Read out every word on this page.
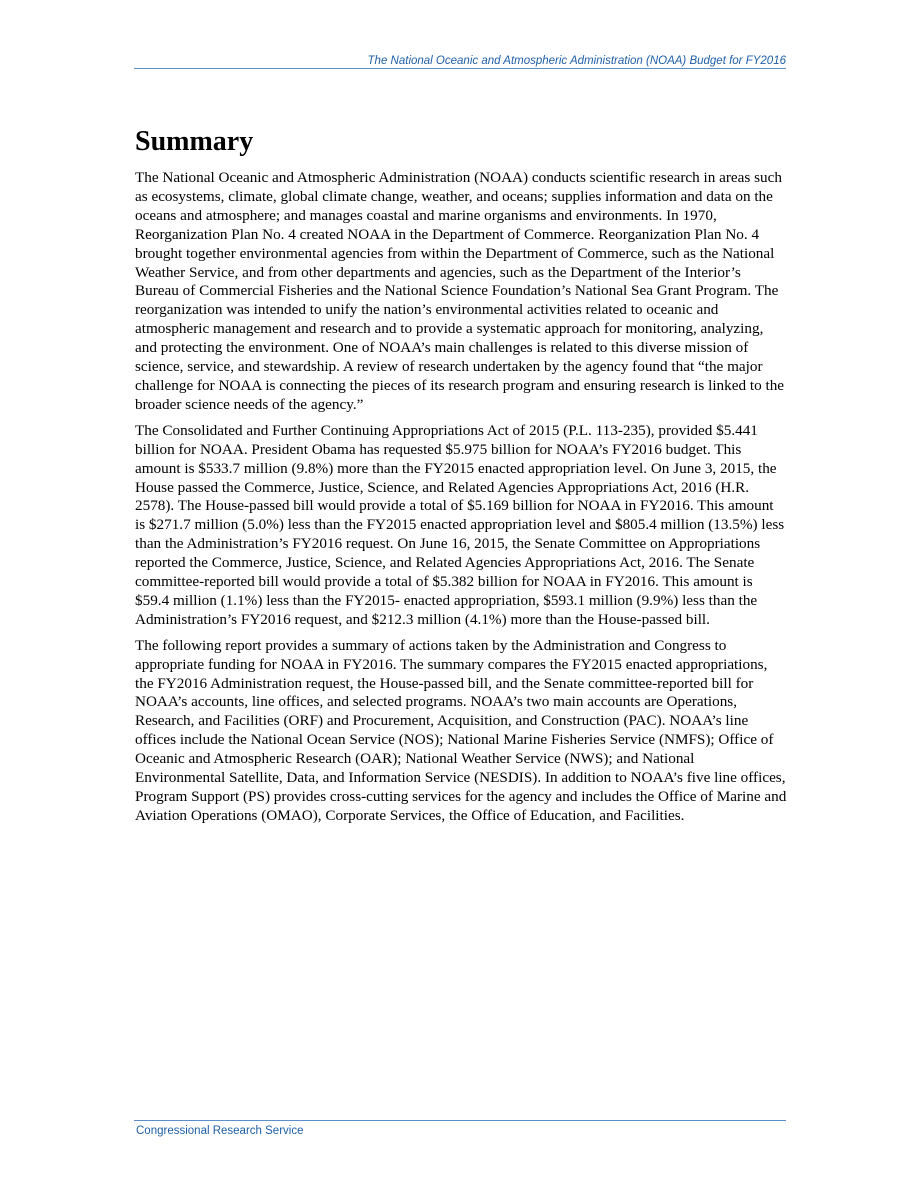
The National Oceanic and Atmospheric Administration (NOAA) Budget for FY2016
Summary

The National Oceanic and Atmospheric Administration (NOAA) conducts scientific research in areas such as ecosystems, climate, global climate change, weather, and oceans; supplies information and data on the oceans and atmosphere; and manages coastal and marine organisms and environments. In 1970, Reorganization Plan No. 4 created NOAA in the Department of Commerce. Reorganization Plan No. 4 brought together environmental agencies from within the Department of Commerce, such as the National Weather Service, and from other departments and agencies, such as the Department of the Interior’s Bureau of Commercial Fisheries and the National Science Foundation’s National Sea Grant Program. The reorganization was intended to unify the nation’s environmental activities related to oceanic and atmospheric management and research and to provide a systematic approach for monitoring, analyzing, and protecting the environment. One of NOAA’s main challenges is related to this diverse mission of science, service, and stewardship. A review of research undertaken by the agency found that “the major challenge for NOAA is connecting the pieces of its research program and ensuring research is linked to the broader science needs of the agency.”

The Consolidated and Further Continuing Appropriations Act of 2015 (P.L. 113-235), provided $5.441 billion for NOAA. President Obama has requested $5.975 billion for NOAA’s FY2016 budget. This amount is $533.7 million (9.8%) more than the FY2015 enacted appropriation level. On June 3, 2015, the House passed the Commerce, Justice, Science, and Related Agencies Appropriations Act, 2016 (H.R. 2578). The House-passed bill would provide a total of $5.169 billion for NOAA in FY2016. This amount is $271.7 million (5.0%) less than the FY2015 enacted appropriation level and $805.4 million (13.5%) less than the Administration’s FY2016 request. On June 16, 2015, the Senate Committee on Appropriations reported the Commerce, Justice, Science, and Related Agencies Appropriations Act, 2016. The Senate committee-reported bill would provide a total of $5.382 billion for NOAA in FY2016. This amount is $59.4 million (1.1%) less than the FY2015- enacted appropriation, $593.1 million (9.9%) less than the Administration’s FY2016 request, and $212.3 million (4.1%) more than the House-passed bill.

The following report provides a summary of actions taken by the Administration and Congress to appropriate funding for NOAA in FY2016. The summary compares the FY2015 enacted appropriations, the FY2016 Administration request, the House-passed bill, and the Senate committee-reported bill for NOAA’s accounts, line offices, and selected programs. NOAA’s two main accounts are Operations, Research, and Facilities (ORF) and Procurement, Acquisition, and Construction (PAC). NOAA’s line offices include the National Ocean Service (NOS); National Marine Fisheries Service (NMFS); Office of Oceanic and Atmospheric Research (OAR); National Weather Service (NWS); and National Environmental Satellite, Data, and Information Service (NESDIS). In addition to NOAA’s five line offices, Program Support (PS) provides cross-cutting services for the agency and includes the Office of Marine and Aviation Operations (OMAO), Corporate Services, the Office of Education, and Facilities.

Congressional Research Service
